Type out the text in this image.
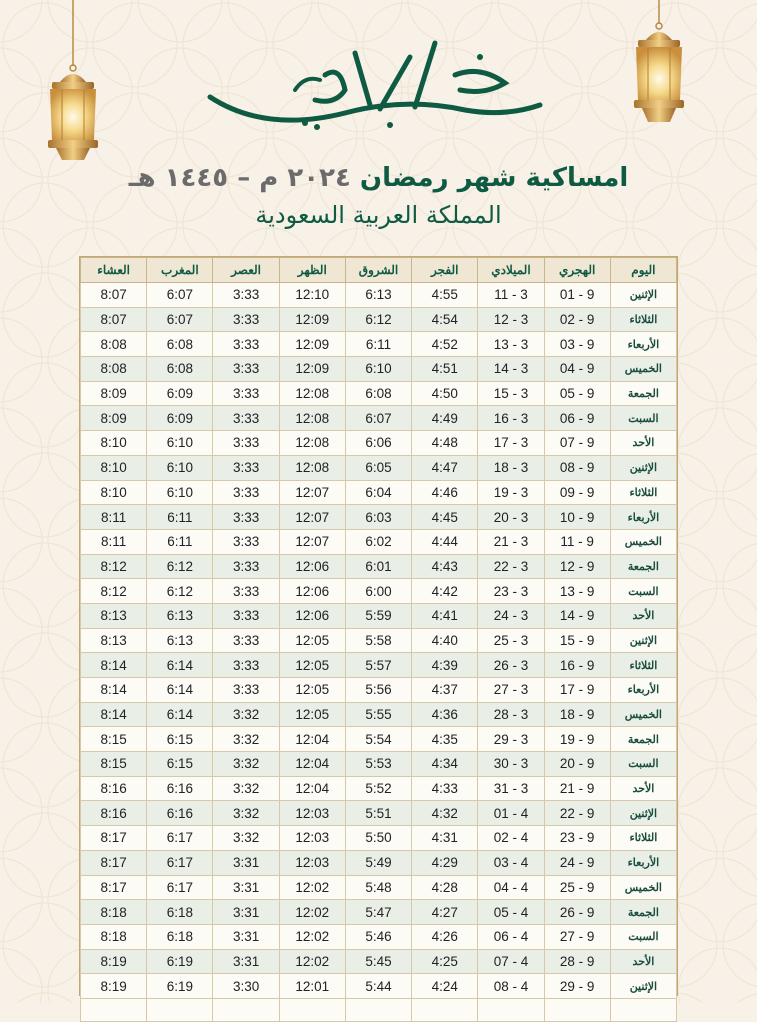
امساكية شهر رمضان ٢٠٢٤ م – ١٤٤٥ هـ
المملكة العربية السعودية
اليوم	الهجري	الميلادي	الفجر	الشروق	الظهر	العصر	المغرب	العشاء
الإثنين	01 - 9	11 - 3	4:55	6:13	12:10	3:33	6:07	8:07
الثلاثاء	02 - 9	12 - 3	4:54	6:12	12:09	3:33	6:07	8:07
الأربعاء	03 - 9	13 - 3	4:52	6:11	12:09	3:33	6:08	8:08
الخميس	04 - 9	14 - 3	4:51	6:10	12:09	3:33	6:08	8:08
الجمعة	05 - 9	15 - 3	4:50	6:08	12:08	3:33	6:09	8:09
السبت	06 - 9	16 - 3	4:49	6:07	12:08	3:33	6:09	8:09
الأحد	07 - 9	17 - 3	4:48	6:06	12:08	3:33	6:10	8:10
الإثنين	08 - 9	18 - 3	4:47	6:05	12:08	3:33	6:10	8:10
الثلاثاء	09 - 9	19 - 3	4:46	6:04	12:07	3:33	6:10	8:10
الأربعاء	10 - 9	20 - 3	4:45	6:03	12:07	3:33	6:11	8:11
الخميس	11 - 9	21 - 3	4:44	6:02	12:07	3:33	6:11	8:11
الجمعة	12 - 9	22 - 3	4:43	6:01	12:06	3:33	6:12	8:12
السبت	13 - 9	23 - 3	4:42	6:00	12:06	3:33	6:12	8:12
الأحد	14 - 9	24 - 3	4:41	5:59	12:06	3:33	6:13	8:13
الإثنين	15 - 9	25 - 3	4:40	5:58	12:05	3:33	6:13	8:13
الثلاثاء	16 - 9	26 - 3	4:39	5:57	12:05	3:33	6:14	8:14
الأربعاء	17 - 9	27 - 3	4:37	5:56	12:05	3:33	6:14	8:14
الخميس	18 - 9	28 - 3	4:36	5:55	12:05	3:32	6:14	8:14
الجمعة	19 - 9	29 - 3	4:35	5:54	12:04	3:32	6:15	8:15
السبت	20 - 9	30 - 3	4:34	5:53	12:04	3:32	6:15	8:15
الأحد	21 - 9	31 - 3	4:33	5:52	12:04	3:32	6:16	8:16
الإثنين	22 - 9	01 - 4	4:32	5:51	12:03	3:32	6:16	8:16
الثلاثاء	23 - 9	02 - 4	4:31	5:50	12:03	3:32	6:17	8:17
الأربعاء	24 - 9	03 - 4	4:29	5:49	12:03	3:31	6:17	8:17
الخميس	25 - 9	04 - 4	4:28	5:48	12:02	3:31	6:17	8:17
الجمعة	26 - 9	05 - 4	4:27	5:47	12:02	3:31	6:18	8:18
السبت	27 - 9	06 - 4	4:26	5:46	12:02	3:31	6:18	8:18
الأحد	28 - 9	07 - 4	4:25	5:45	12:02	3:31	6:19	8:19
الإثنين	29 - 9	08 - 4	4:24	5:44	12:01	3:30	6:19	8:19
